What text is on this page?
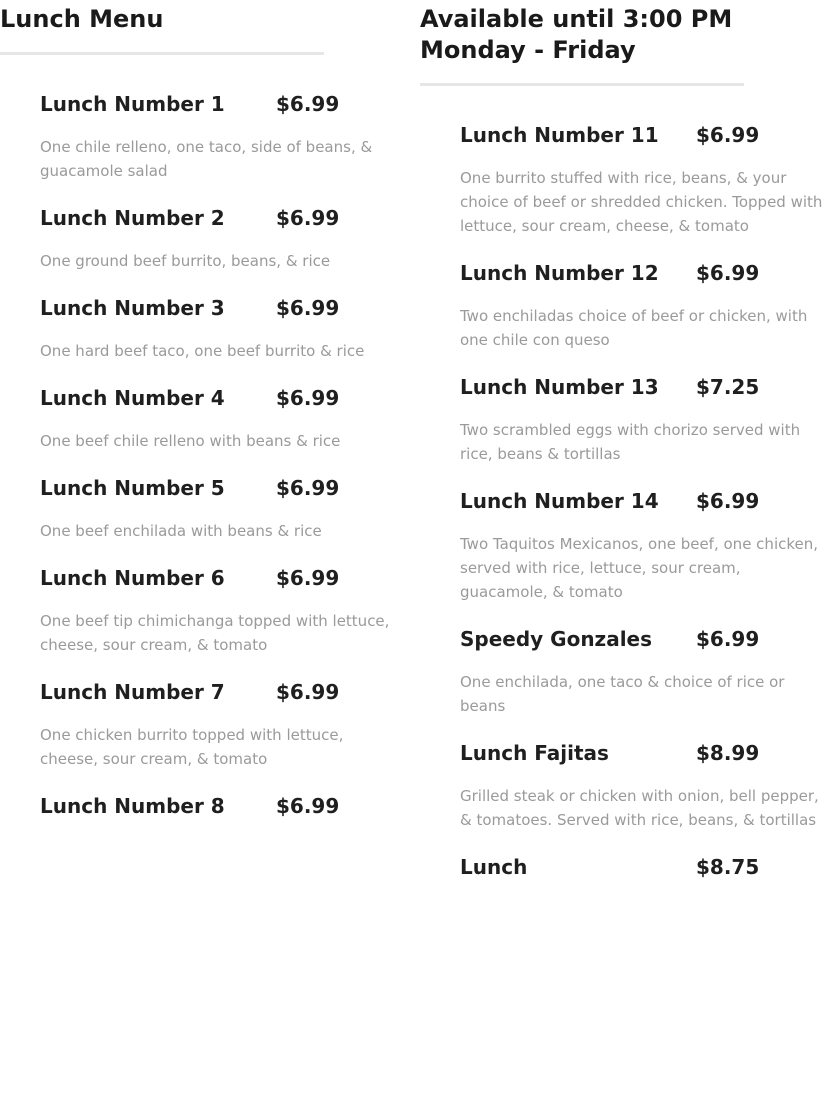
Lunch Menu
Lunch Number 1	$6.99
One chile relleno, one taco, side of beans, & guacamole salad
Lunch Number 2	$6.99
One ground beef burrito, beans, & rice
Lunch Number 3	$6.99
One hard beef taco, one beef burrito & rice
Lunch Number 4	$6.99
One beef chile relleno with beans & rice
Lunch Number 5	$6.99
One beef enchilada with beans & rice
Lunch Number 6	$6.99
One beef tip chimichanga topped with lettuce, cheese, sour cream, & tomato
Lunch Number 7	$6.99
One chicken burrito topped with lettuce, cheese, sour cream, & tomato
Lunch Number 8	$6.99
Available until 3:00 PM
Monday - Friday
Lunch Number 11	$6.99
One burrito stuffed with rice, beans, & your choice of beef or shredded chicken. Topped with lettuce, sour cream, cheese, & tomato
Lunch Number 12	$6.99
Two enchiladas choice of beef or chicken, with one chile con queso
Lunch Number 13	$7.25
Two scrambled eggs with chorizo served with rice, beans & tortillas
Lunch Number 14	$6.99
Two Taquitos Mexicanos, one beef, one chicken, served with rice, lettuce, sour cream, guacamole, & tomato
Speedy Gonzales	$6.99
One enchilada, one taco & choice of rice or beans
Lunch Fajitas	$8.99
Grilled steak or chicken with onion, bell pepper, & tomatoes. Served with rice, beans, & tortillas
Lunch	$8.75
